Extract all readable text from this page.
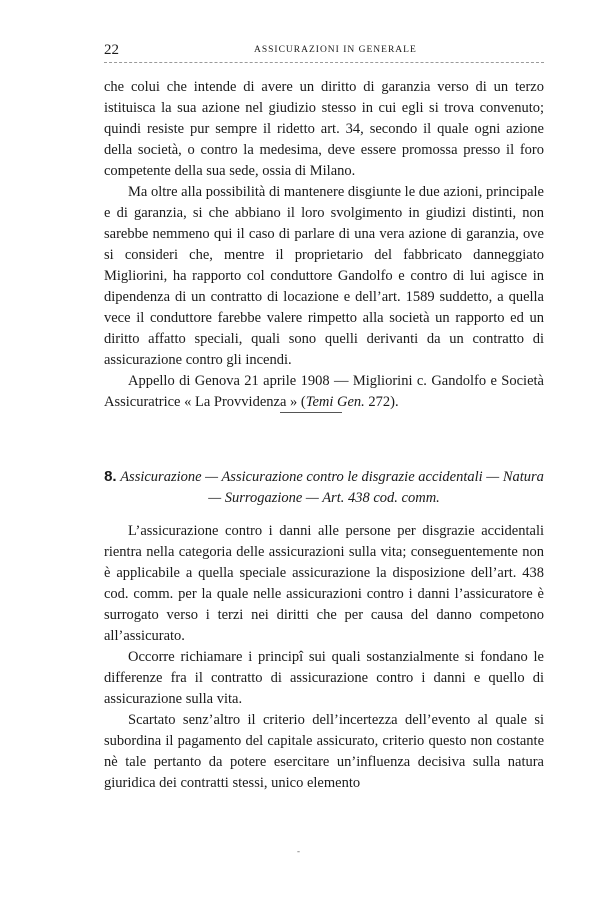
22	ASSICURAZIONI IN GENERALE

che colui che intende di avere un diritto di garanzia verso di un terzo istituisca la sua azione nel giudizio stesso in cui egli si trova convenuto; quindi resiste pur sempre il ridetto art. 34, secondo il quale ogni azione della società, o contro la medesima, deve essere promossa presso il foro competente della sua sede, ossia di Milano.

Ma oltre alla possibilità di mantenere disgiunte le due azioni, principale e di garanzia, si che abbiano il loro svolgimento in giudizi distinti, non sarebbe nemmeno qui il caso di parlare di una vera azione di garanzia, ove si consideri che, mentre il proprietario del fabbricato danneggiato Migliorini, ha rapporto col conduttore Gandolfo e contro di lui agisce in dipendenza di un contratto di locazione e dell’art. 1589 suddetto, a quella vece il conduttore farebbe valere rimpetto alla società un rapporto ed un diritto affatto speciali, quali sono quelli derivanti da un contratto di assicurazione contro gli incendi.

Appello di Genova 21 aprile 1908 — Migliorini c. Gandolfo e Società Assicuratrice « La Provvidenza » (Temi Gen. 272).

8. Assicurazione — Assicurazione contro le disgrazie accidentali — Natura — Surrogazione — Art. 438 cod. comm.

L’assicurazione contro i danni alle persone per disgrazie accidentali rientra nella categoria delle assicurazioni sulla vita; conseguentemente non è applicabile a quella speciale assicurazione la disposizione dell’art. 438 cod. comm. per la quale nelle assicurazioni contro i danni l’assicuratore è surrogato verso i terzi nei diritti che per causa del danno competono all’assicurato.

Occorre richiamare i principî sui quali sostanzialmente si fondano le differenze fra il contratto di assicurazione contro i danni e quello di assicurazione sulla vita.

Scartato senz’altro il criterio dell’incertezza dell’evento al quale si subordina il pagamento del capitale assicurato, criterio questo non costante nè tale pertanto da potere esercitare un’influenza decisiva sulla natura giuridica dei contratti stessi, unico elemento

-
